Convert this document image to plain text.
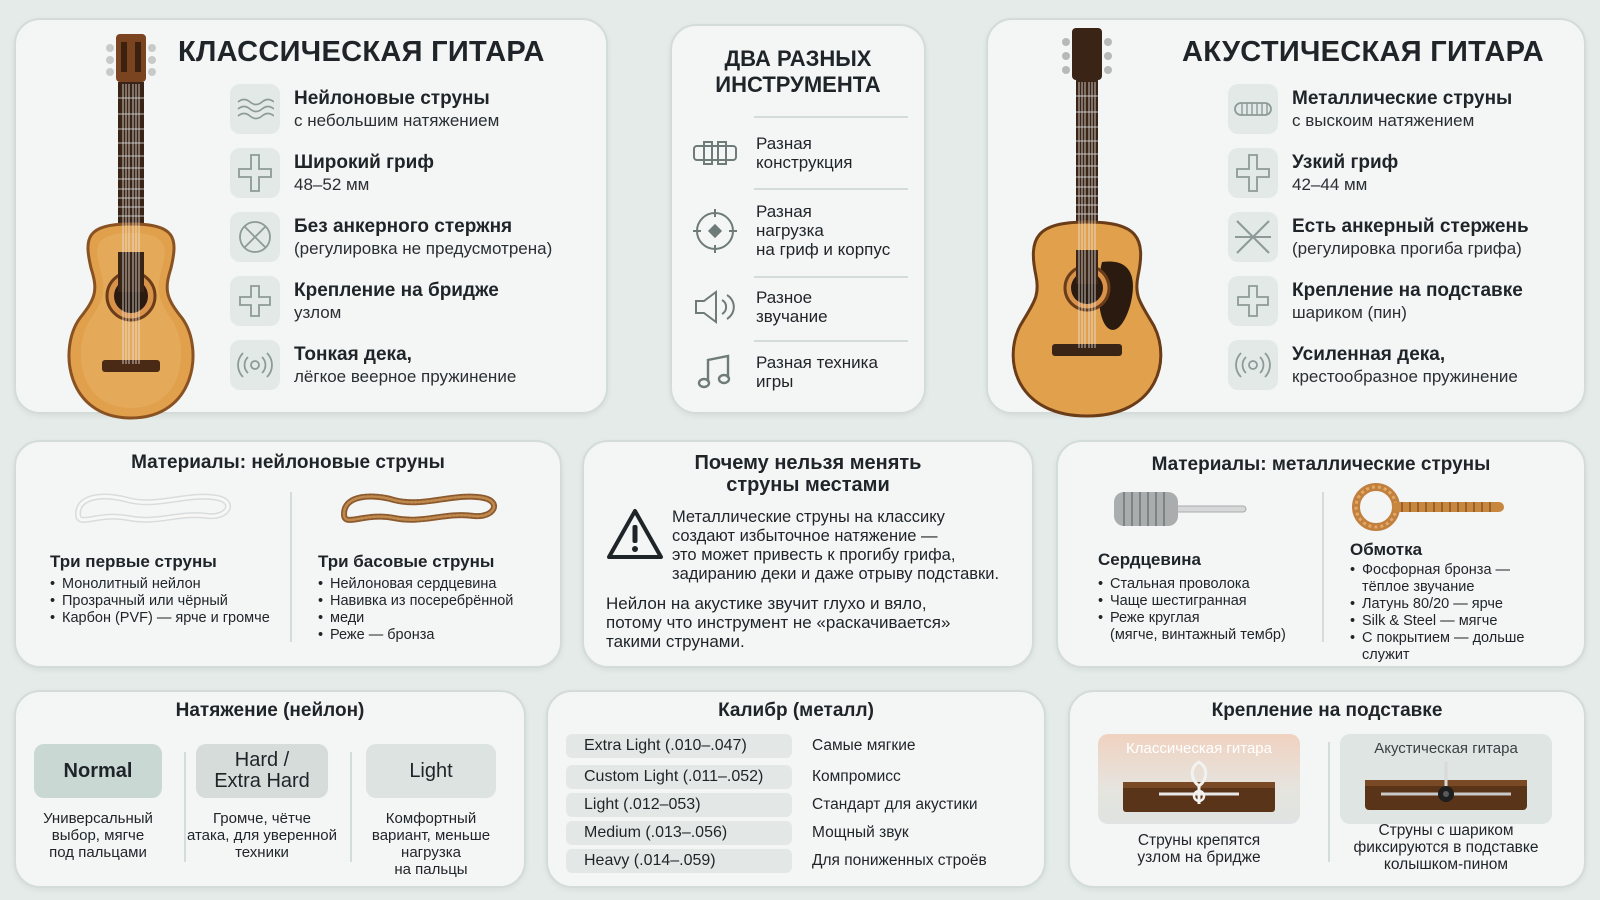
КЛАССИЧЕСКАЯ ГИТАРА
Нейлоновые струны
с небольшим натяжением
Широкий гриф
48–52 мм
Без анкерного стержня
(регулировка не предусмотрена)
Крепление на бридже
узлом
Тонкая дека,
лёгкое веерное пружинение
ДВА РАЗНЫХ
ИНСТРУМЕНТА
Разная
конструкция
Разная
нагрузка
на гриф и корпус
Разное
звучание
Разная техника
игры
АКУСТИЧЕСКАЯ ГИТАРА
Металлические струны
с выскоим натяжением
Узкий гриф
42–44 мм
Есть анкерный стержень
(регулировка прогиба грифа)
Крепление на подставке
шариком (пин)
Усиленная дека,
крестообразное пружинение
Материалы: нейлоновые струны
Три первые струны
• Монолитный нейлон
• Прозрачный или чёрный
• Карбон (PVF) — ярче и громче
Три басовые струны
• Нейлоновая сердцевина
• Навивка из посеребрённой
• меди
• Реже — бронза
Почему нельзя менять
струны местами
Металлические струны на классику
создают избыточное натяжение —
это может привесть к прогибу грифа,
задиранию деки и даже отрыву подставки.
Нейлон на акустике звучит глухо и вяло,
потому что инструмент не «раскачивается»
такими струнами.
Материалы: металлические струны
Сердцевина
• Стальная проволока
• Чаще шестигранная
• Реже круглая
(мягче, винтажный тембр)
Обмотка
• Фосфорная бронза —
тёплое звучание
• Латунь 80/20 — ярче
• Silk & Steel — мягче
• С покрытием — дольше
служит
Натяжение (нейлон)
Normal
Универсальный
выбор, мягче
под пальцами
Hard /
Extra Hard
Громче, чётче
атака, для уверенной
техники
Light
Комфортный
вариант, меньше
нагрузка
на пальцы
Калибр (металл)
Extra Light (.010–.047)	Самые мягкие
Custom Light (.011–.052)	Компромисс
Light (.012–053)	Стандарт для акустики
Medium (.013–.056)	Мощный звук
Heavy (.014–.059)	Для пониженных строёв
Крепление на подставке
Классическая гитара
Струны крепятся
узлом на бридже
Акустическая гитара
Струны с шариком
фиксируются в подставке
колышком-пином
